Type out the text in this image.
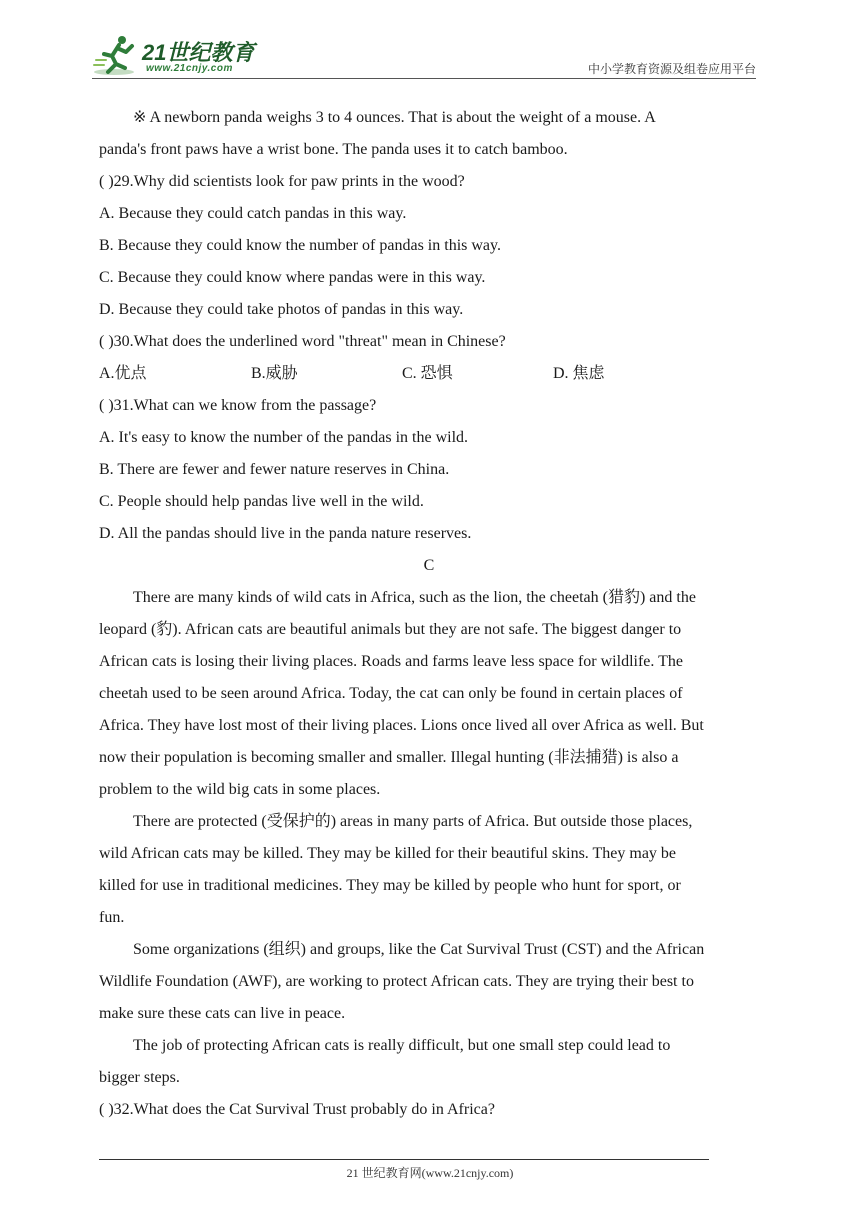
21世纪教育
www.21cnjy.com	中小学教育资源及组卷应用平台
※ A newborn panda weighs 3 to 4 ounces. That is about the weight of a mouse. A
panda's front paws have a wrist bone. The panda uses it to catch bamboo.
( )29.Why did scientists look for paw prints in the wood?
A. Because they could catch pandas in this way.
B. Because they could know the number of pandas in this way.
C. Because they could know where pandas were in this way.
D. Because they could take photos of pandas in this way.
( )30.What does the underlined word "threat" mean in Chinese?
A.优点	B.威胁	C. 恐惧	D. 焦虑
( )31.What can we know from the passage?
A. It's easy to know the number of the pandas in the wild.
B. There are fewer and fewer nature reserves in China.
C. People should help pandas live well in the wild.
D. All the pandas should live in the panda nature reserves.
C
There are many kinds of wild cats in Africa, such as the lion, the cheetah (猎豹) and the
leopard (豹). African cats are beautiful animals but they are not safe. The biggest danger to
African cats is losing their living places. Roads and farms leave less space for wildlife. The
cheetah used to be seen around Africa. Today, the cat can only be found in certain places of
Africa. They have lost most of their living places. Lions once lived all over Africa as well. But
now their population is becoming smaller and smaller. Illegal hunting (非法捕猎) is also a
problem to the wild big cats in some places.
There are protected (受保护的) areas in many parts of Africa. But outside those places,
wild African cats may be killed. They may be killed for their beautiful skins. They may be
killed for use in traditional medicines. They may be killed by people who hunt for sport, or
fun.
Some organizations (组织) and groups, like the Cat Survival Trust (CST) and the African
Wildlife Foundation (AWF), are working to protect African cats. They are trying their best to
make sure these cats can live in peace.
The job of protecting African cats is really difficult, but one small step could lead to
bigger steps.
( )32.What does the Cat Survival Trust probably do in Africa?
21 世纪教育网(www.21cnjy.com)
